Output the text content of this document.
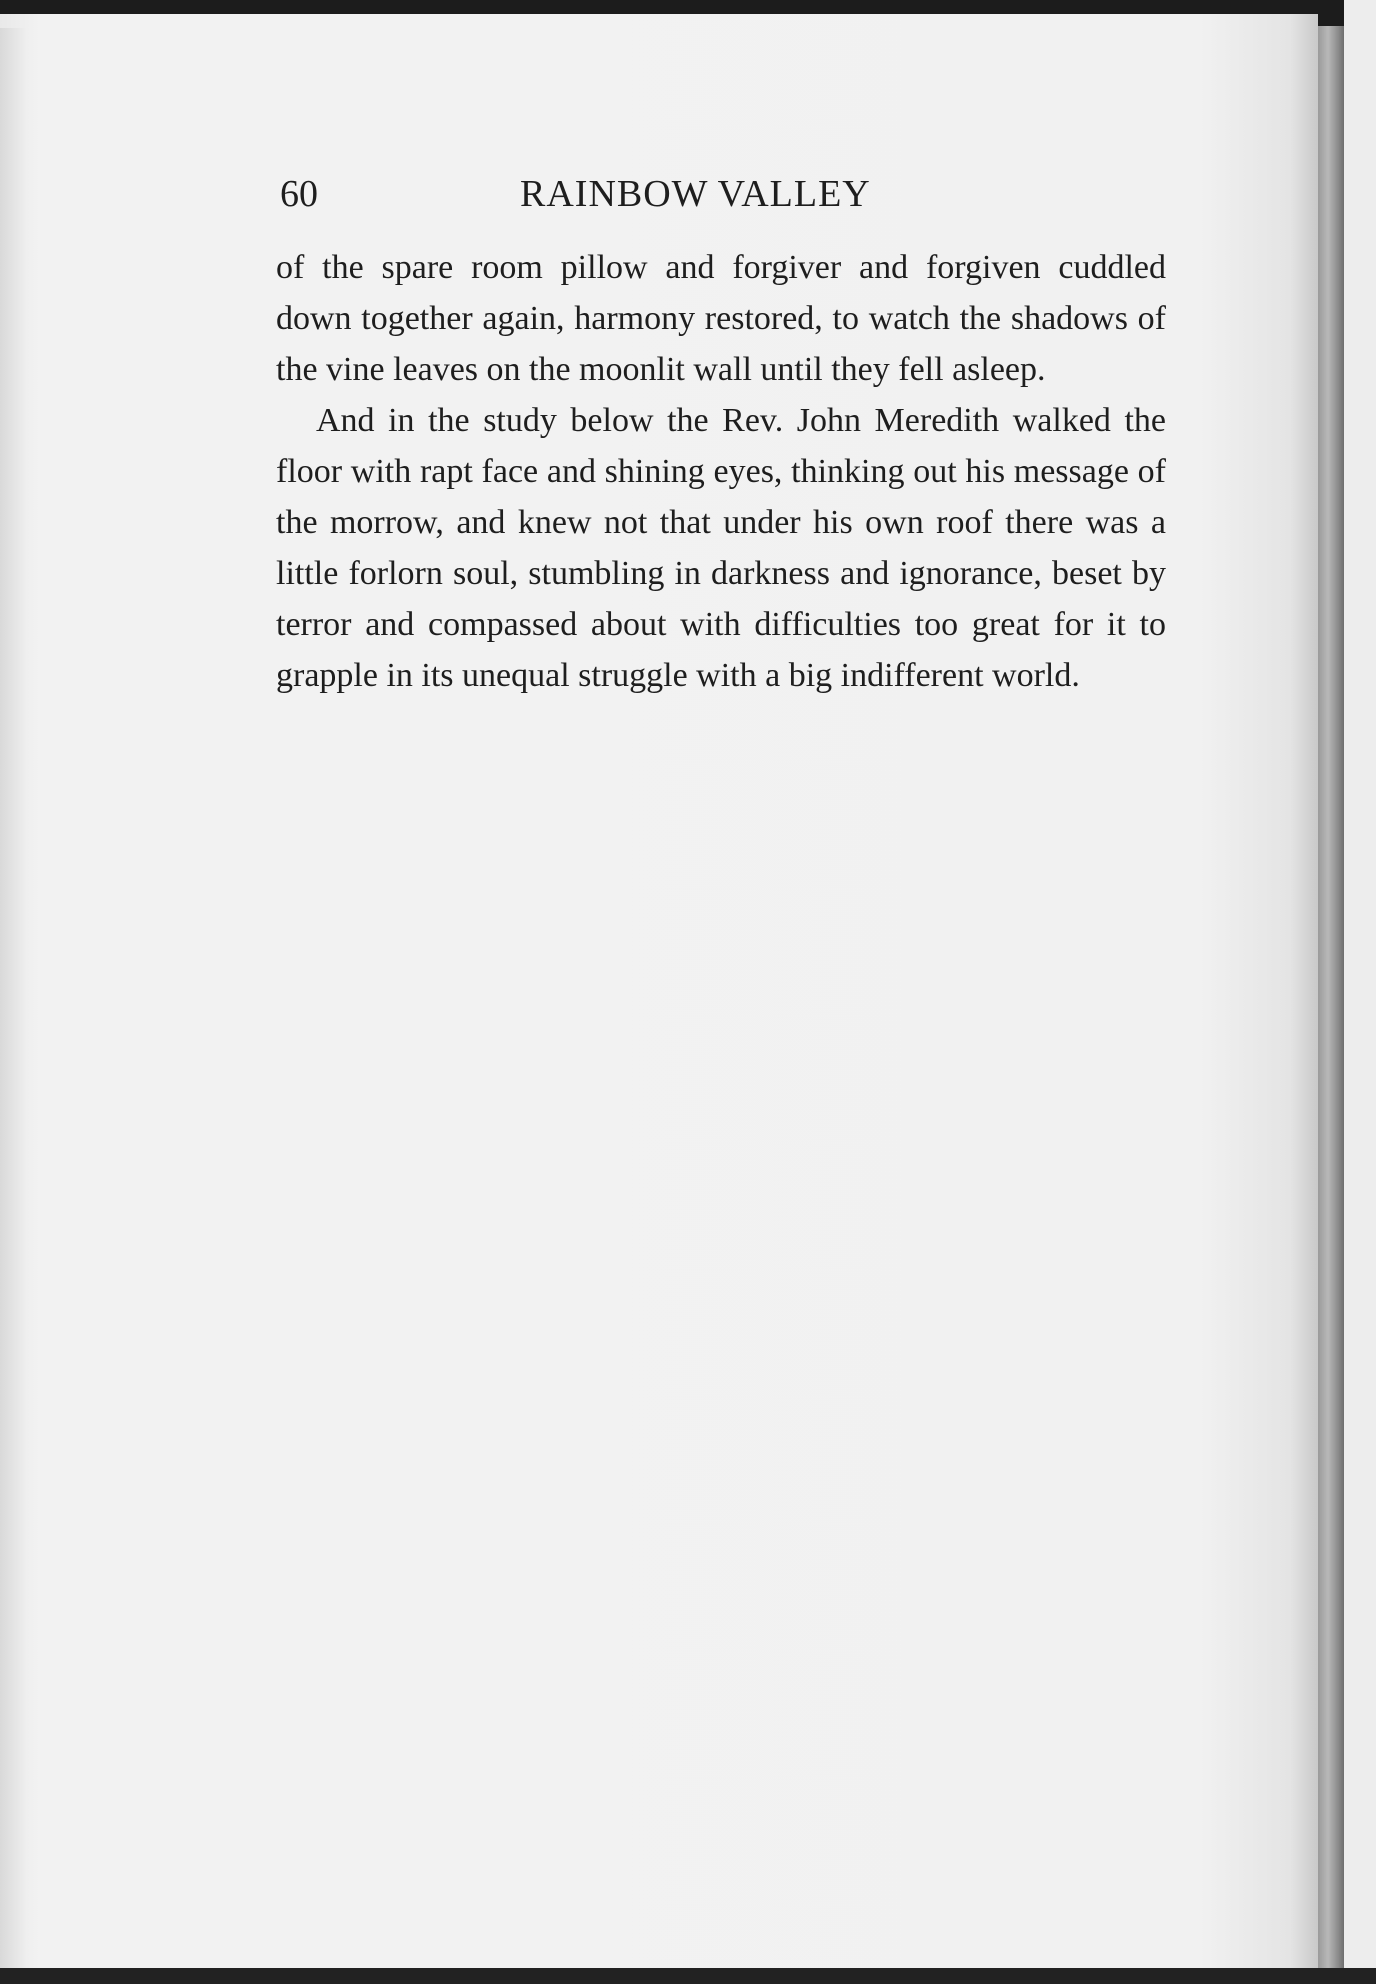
60	RAINBOW VALLEY

of the spare room pillow and forgiver and forgiven cuddled down together again, harmony restored, to watch the shadows of the vine leaves on the moonlit wall until they fell asleep.

And in the study below the Rev. John Meredith walked the floor with rapt face and shining eyes, thinking out his message of the morrow, and knew not that under his own roof there was a little forlorn soul, stumbling in darkness and ignorance, beset by terror and compassed about with difficulties too great for it to grapple in its unequal struggle with a big indifferent world.
